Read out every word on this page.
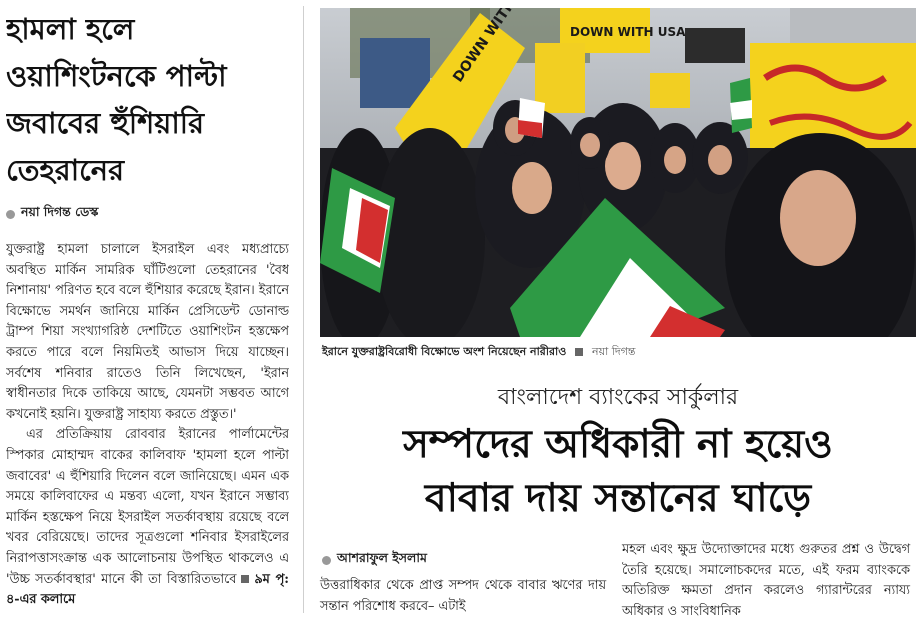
হামলা হলে ওয়াশিংটনকে পাল্টা জবাবের হুঁশিয়ারি তেহরানের
নয়া দিগন্ত ডেস্ক

যুক্তরাষ্ট্র হামলা চালালে ইসরাইল এবং মধ্যপ্রাচ্যে অবস্থিত মার্কিন সামরিক ঘাঁটিগুলো তেহরানের 'বৈধ নিশানায়' পরিণত হবে বলে হুঁশিয়ার করেছে ইরান। ইরানে বিক্ষোভে সমর্থন জানিয়ে মার্কিন প্রেসিডেন্ট ডোনাল্ড ট্রাম্প শিয়া সংখ্যাগরিষ্ঠ দেশটিতে ওয়াশিংটন হস্তক্ষেপ করতে পারে বলে নিয়মিতই আভাস দিয়ে যাচ্ছেন। সর্বশেষ শনিবার রাতেও তিনি লিখেছেন, 'ইরান স্বাধীনতার দিকে তাকিয়ে আছে, যেমনটা সম্ভবত আগে কখনোই হয়নি। যুক্তরাষ্ট্র সাহায্য করতে প্রস্তুত।'

এর প্রতিক্রিয়ায় রোববার ইরানের পার্লামেন্টের স্পিকার মোহাম্মদ বাকের কালিবাফ 'হামলা হলে পাল্টা জবাবের' এ হুঁশিয়ারি দিলেন বলে জানিয়েছে। এমন এক সময়ে কালিবাফের এ মন্তব্য এলো, যখন ইরানে সম্ভাব্য মার্কিন হস্তক্ষেপ নিয়ে ইসরাইল সতর্কাবস্থায় রয়েছে বলে খবর বেরিয়েছে। তাদের সূত্রগুলো শনিবার ইসরাইলের নিরাপত্তাসংক্রান্ত এক আলোচনায় উপস্থিত থাকলেও এ 'উচ্চ সতর্কাবস্থার' মানে কী তা বিস্তারিতভাবে ৯ম পৃ: ৪-এর কলামে

DOWN WITH	DOWN WITH USA
ইরানে যুক্তরাষ্ট্রবিরোধী বিক্ষোভে অংশ নিয়েছেন নারীরাও নয়া দিগন্ত
বাংলাদেশ ব্যাংকের সার্কুলার
সম্পদের অধিকারী না হয়েও
বাবার দায় সন্তানের ঘাড়ে
আশরাফুল ইসলাম
উত্তরাধিকার থেকে প্রাপ্ত সম্পদ থেকে বাবার ঋণের দায় সন্তান পরিশোধ করবে– এটাই
মহল এবং ক্ষুদ্র উদ্যোক্তাদের মধ্যে গুরুতর প্রশ্ন ও উদ্বেগ তৈরি হয়েছে। সমালোচকদের মতে, এই ফরম ব্যাংককে অতিরিক্ত ক্ষমতা প্রদান করলেও গ্যারান্টরের ন্যায্য অধিকার ও সাংবিধানিক
